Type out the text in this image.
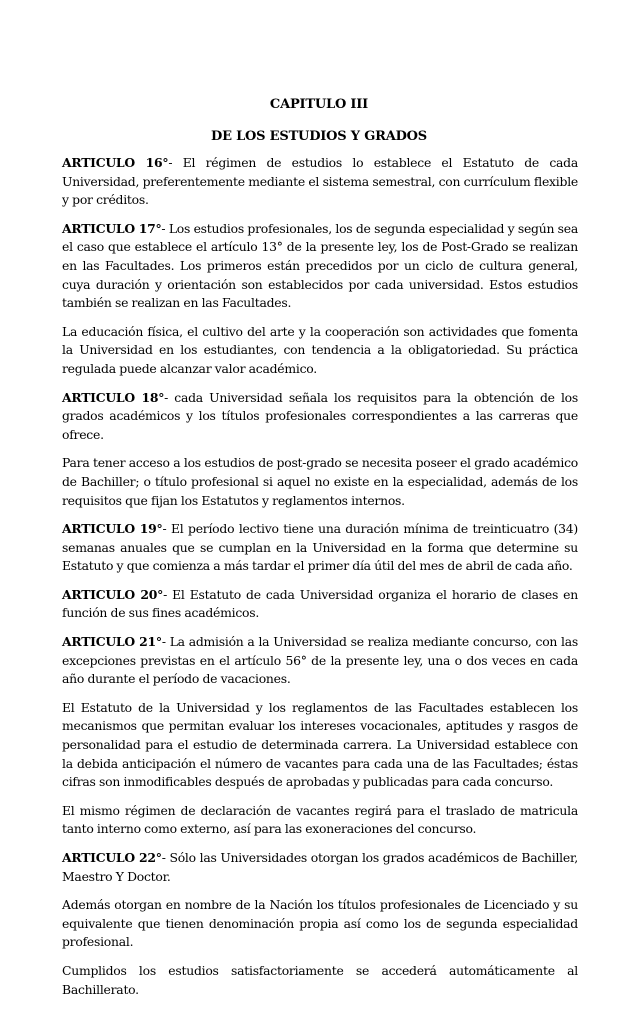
CAPITULO III

DE LOS ESTUDIOS Y GRADOS

ARTICULO 16°- El régimen de estudios lo establece el Estatuto de cada Universidad, preferentemente mediante el sistema semestral, con currículum flexible y por créditos.

ARTICULO 17°- Los estudios profesionales, los de segunda especialidad y según sea el caso que establece el artículo 13° de la presente ley, los de Post-Grado se realizan en las Facultades. Los primeros están precedidos por un ciclo de cultura general, cuya duración y orientación son establecidos por cada universidad. Estos estudios también se realizan en las Facultades.

La educación física, el cultivo del arte y la cooperación son actividades que fomenta la Universidad en los estudiantes, con tendencia a la obligatoriedad. Su práctica regulada puede alcanzar valor académico.

ARTICULO 18°- cada Universidad señala los requisitos para la obtención de los grados académicos y los títulos profesionales correspondientes a las carreras que ofrece.

Para tener acceso a los estudios de post-grado se necesita poseer el grado académico de Bachiller; o título profesional si aquel no existe en la especialidad, además de los requisitos que fijan los Estatutos y reglamentos internos.

ARTICULO 19°- El período lectivo tiene una duración mínima de treinticuatro (34) semanas anuales que se cumplan en la Universidad en la forma que determine su Estatuto y que comienza a más tardar el primer día útil del mes de abril de cada año.

ARTICULO 20°- El Estatuto de cada Universidad organiza el horario de clases en función de sus fines académicos.

ARTICULO 21°- La admisión a la Universidad se realiza mediante concurso, con las excepciones previstas en el artículo 56° de la presente ley, una o dos veces en cada año durante el período de vacaciones.

El Estatuto de la Universidad y los reglamentos de las Facultades establecen los mecanismos que permitan evaluar los intereses vocacionales, aptitudes y rasgos de personalidad para el estudio de determinada carrera. La Universidad establece con la debida anticipación el número de vacantes para cada una de las Facultades; éstas cifras son inmodificables después de aprobadas y publicadas para cada concurso.

El mismo régimen de declaración de vacantes regirá para el traslado de matricula tanto interno como externo, así para las exoneraciones del concurso.

ARTICULO 22°- Sólo las Universidades otorgan los grados académicos de Bachiller, Maestro Y Doctor.

Además otorgan en nombre de la Nación los títulos profesionales de Licenciado y su equivalente que tienen denominación propia así como los de segunda especialidad profesional.

Cumplidos los estudios satisfactoriamente se accederá automáticamente al Bachillerato.
